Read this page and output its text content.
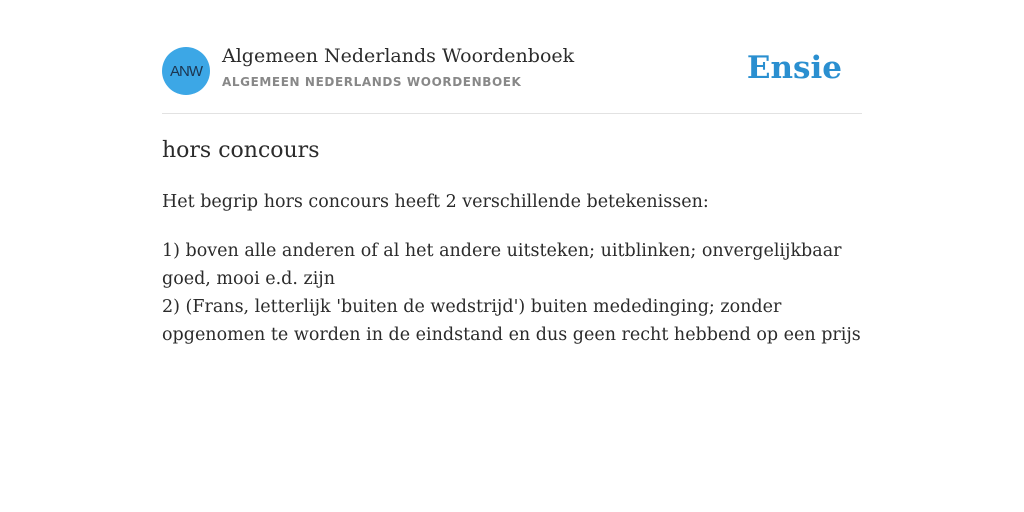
ANW
Algemeen Nederlands Woordenboek
ALGEMEEN NEDERLANDS WOORDENBOEK	Ensie
hors concours
Het begrip hors concours heeft 2 verschillende betekenissen:
1) boven alle anderen of al het andere uitsteken; uitblinken; onvergelijkbaar goed, mooi e.d. zijn
2) (Frans, letterlijk 'buiten de wedstrijd') buiten mededinging; zonder opgenomen te worden in de eindstand en dus geen recht hebbend op een prijs
